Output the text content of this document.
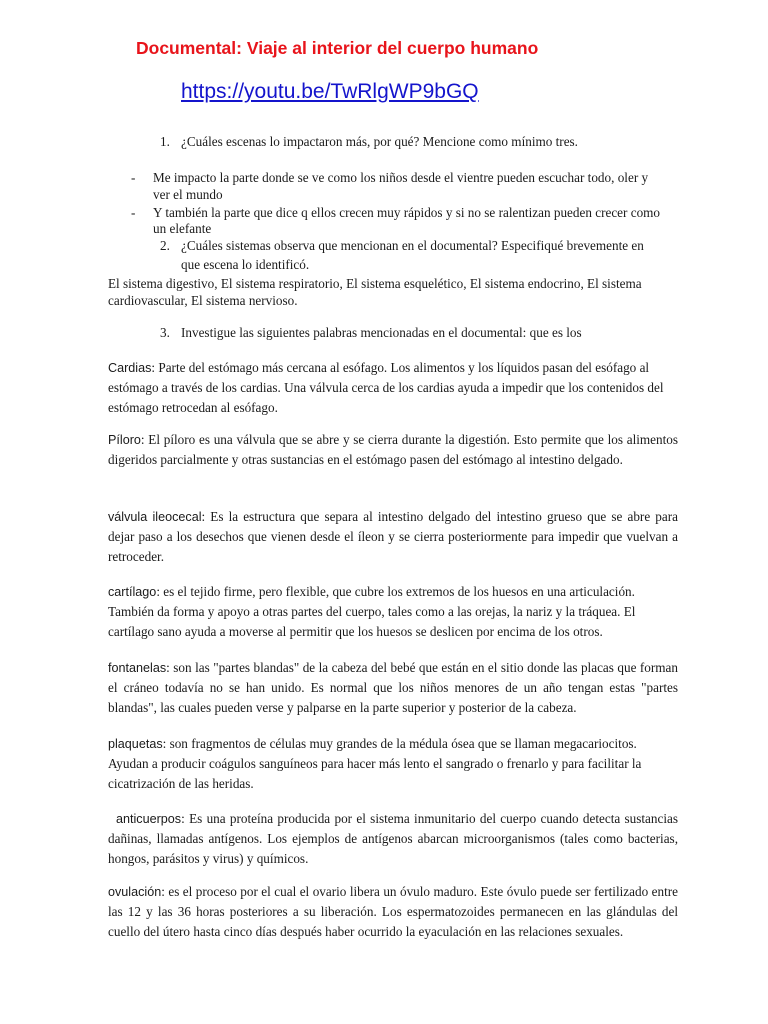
Documental: Viaje al interior del cuerpo humano
https://youtu.be/TwRlgWP9bGQ
1. ¿Cuáles escenas lo impactaron más, por qué? Mencione como mínimo tres.
- Me impacto la parte donde se ve como los niños desde el vientre pueden escuchar todo, oler y
ver el mundo
- Y también la parte que dice q ellos crecen muy rápidos y si no se ralentizan pueden crecer como
un elefante
2. ¿Cuáles sistemas observa que mencionan en el documental? Especifiqué brevemente en
que escena lo identificó.
El sistema digestivo, El sistema respiratorio, El sistema esquelético, El sistema endocrino, El sistema
cardiovascular, El sistema nervioso.
3. Investigue las siguientes palabras mencionadas en el documental: que es los

Cardias: Parte del estómago más cercana al esófago. Los alimentos y los líquidos pasan del esófago al estómago a través de los cardias. Una válvula cerca de los cardias ayuda a impedir que los contenidos del estómago retrocedan al esófago.

Píloro: El píloro es una válvula que se abre y se cierra durante la digestión. Esto permite que los alimentos digeridos parcialmente y otras sustancias en el estómago pasen del estómago al intestino delgado.

válvula ileocecal: Es la estructura que separa al intestino delgado del intestino grueso que se abre para dejar paso a los desechos que vienen desde el íleon y se cierra posteriormente para impedir que vuelvan a retroceder.

cartílago: es el tejido firme, pero flexible, que cubre los extremos de los huesos en una articulación. También da forma y apoyo a otras partes del cuerpo, tales como a las orejas, la nariz y la tráquea. El cartílago sano ayuda a moverse al permitir que los huesos se deslicen por encima de los otros.

fontanelas: son las "partes blandas" de la cabeza del bebé que están en el sitio donde las placas que forman el cráneo todavía no se han unido. Es normal que los niños menores de un año tengan estas "partes blandas", las cuales pueden verse y palparse en la parte superior y posterior de la cabeza.

plaquetas: son fragmentos de células muy grandes de la médula ósea que se llaman megacariocitos. Ayudan a producir coágulos sanguíneos para hacer más lento el sangrado o frenarlo y para facilitar la cicatrización de las heridas.

anticuerpos: Es una proteína producida por el sistema inmunitario del cuerpo cuando detecta sustancias dañinas, llamadas antígenos. Los ejemplos de antígenos abarcan microorganismos (tales como bacterias, hongos, parásitos y virus) y químicos.

ovulación: es el proceso por el cual el ovario libera un óvulo maduro. Este óvulo puede ser fertilizado entre las 12 y las 36 horas posteriores a su liberación. Los espermatozoides permanecen en las glándulas del cuello del útero hasta cinco días después haber ocurrido la eyaculación en las relaciones sexuales.
